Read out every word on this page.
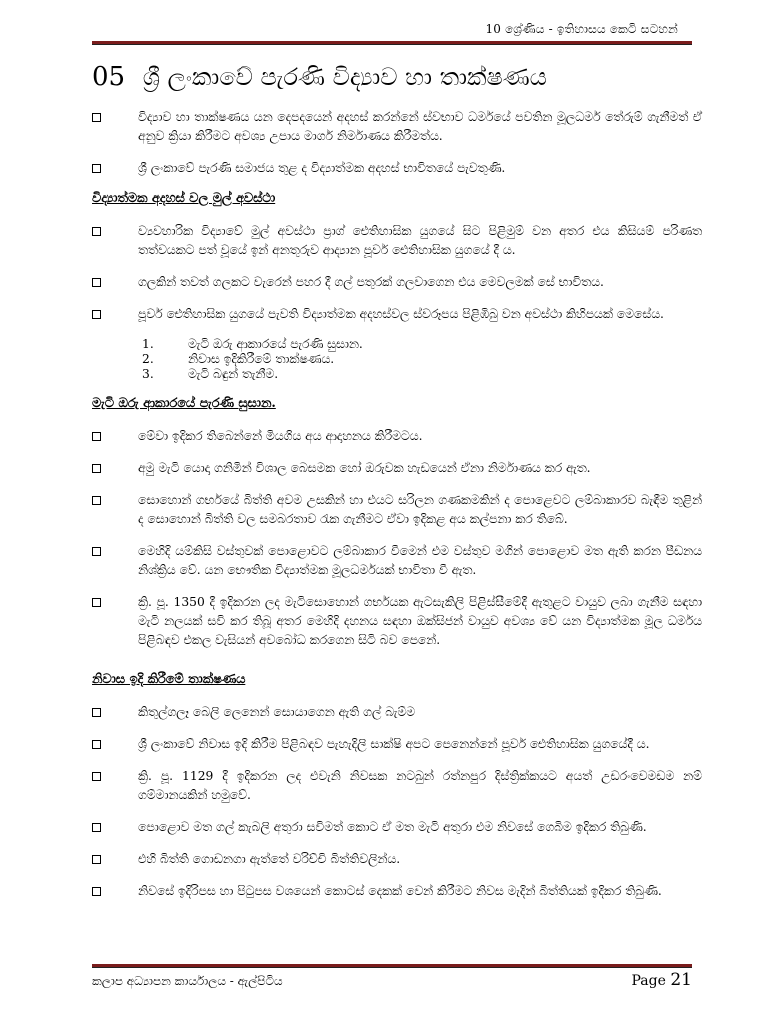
10 ශ්‍රේණිය - ඉතිහාසය කෙටි සටහන්
05 ශ්‍රී ලංකාවේ පැරණි විද්‍යාව හා තාක්ෂණය
විද්‍යාව හා තාක්ෂණය යන දෙපදයෙන් අදහස් කරන්නේ ස්වභාව ධර්මයේ පවතින මූලධර්ම තේරුම් ගැනීමත් ඒ අනුව ක්‍රියා කිරීමට අවශ්‍ය උපාය මාර්ග නිර්මාණය කිරීමත්ය.
ශ්‍රී ලංකාවේ පැරණි සමාජය තුළ ද විද්‍යාත්මක අදහස් භාවිතයේ පැවතුණි.
විද්‍යාත්මක අදහස් වල මුල් අවස්ථා
ව්‍යවහාරික විද්‍යාවේ මුල් අවස්ථා ප්‍රාග් ඓතිහාසික යුගයේ සිට පිළිමුම් වන අතර එය කිසියම් පරිණත තත්වයකට පත් වූයේ ඉන් අනතුරුව ආද්‍යාන පූර්ව ඓතිහාසික යුගයේ දී ය.
ගලකින් තවත් ගලකට වැරෙන් පහර දී ගල් පතුරක් ගලවාගෙන එය මෙවලමක් සේ භාවිතය.
පූර්ව ඓතිහාසික යුගයේ පැවති විද්‍යාත්මක අදහස්වල ස්වරූපය පිළිඹිබු වන අවස්ථා කිහිපයක් මෙසේය.
1.	මැටි ඔරු ආකාරයේ පැරණි සුසාන.
2.	නිවාස ඉදිකිරීමේ තාක්ෂණය.
3.	මැටි බඳුන් තැනීම.
මැටි ඔරු ආකාරයේ පැරණි සුසාන.
මේවා ඉදිකර තිබෙන්නේ මියගිය අය ආදාහනය කිරීමටය.
අමු මැටි යොදා ගනිමින් විශාල බෙසමක හෝ ඔරුවක හැඩයෙන් ඒනා නිර්මාණය කර ඇත.
සොහොන් ගර්භයේ බිත්ති අවම උසකින් හා එයට සරිලන ගණකමකින් ද පොළෙවට ලම්බාකාරව බැඳීම තුළින් ද සොහොන් බිත්ති වල සමබරතාව රැක ගැනීමට ඒවා ඉදිකළ අය කල්පනා කර තිබේ.
මෙහිදි යම්කිසි වස්තුවක් පොළොවට ලම්බාකාර වීමෙන් එම වස්තුව මගින් පොළොව මත ඇති කරන පීඩනය නිශ්ක්‍රිය වේ. යන භෞතික විද්‍යාත්මක මූලධර්මයක් භාවිතා වී ඇත.
ක්‍රි. පූ. 1350 දී ඉදිකරන ලද මැටිසොහොන් ගර්භයක ඇටසැකිලි පිළිස්සීමේදී ඇතුළට වායුව ලබා ගැනීම සඳහා මැටි නලයක් සවි කර තිබූ අතර මෙහිදි දහනය සඳහා ඔක්සිජන් වායුව අවශ්‍ය වේ යන විද්‍යාත්මක මූල ධර්මය පිළිබඳව එකල වැසියන් අවබෝධ කරගෙන සිටි බව පෙනේ.
නිවාස ඉදි කිරීමේ තාක්ෂණය
කිතුල්ගලෑ බෙලි ලෙනෙන් සොයාගෙන ඇති ගල් බැම්ම
ශ්‍රී ලංකාවේ නිවාස ඉදි කිරීම පිළිබඳව පැහැදිලි සාක්ෂි අපට පෙනෙන්නේ පූර්ව ඓතිහාසික යුගයේදී ය.
ක්‍රි. පූ. 1129 දී ඉදිකරන ලද එවැනි නිවසක නටබුන් රත්නපුර දිස්ත්‍රික්කයට අයත් උඩරංවෙමඩම නම් ගම්මානයකින් හමුවේ.
පොළොව මත ගල් කැබලි අතුරා සවිමත් කොට ඒ මත මැටි අතුරා එම නිවසේ ගෙබිම ඉදිකර තිබුණි.
එහි බිත්ති ගොඩනගා ඇත්තේ වරිච්චි බිත්තිවලින්ය.
නිවසේ ඉදිරිපස හා පිටුපස වශයෙන් කොටස් දෙකක් වෙන් කිරීමට නිවස මැදින් බිත්තියක් ඉදිකර තිබුණි.
කලාප අධ්‍යාපන කාර්යාලය - ඇල්පිටිය	Page 21
